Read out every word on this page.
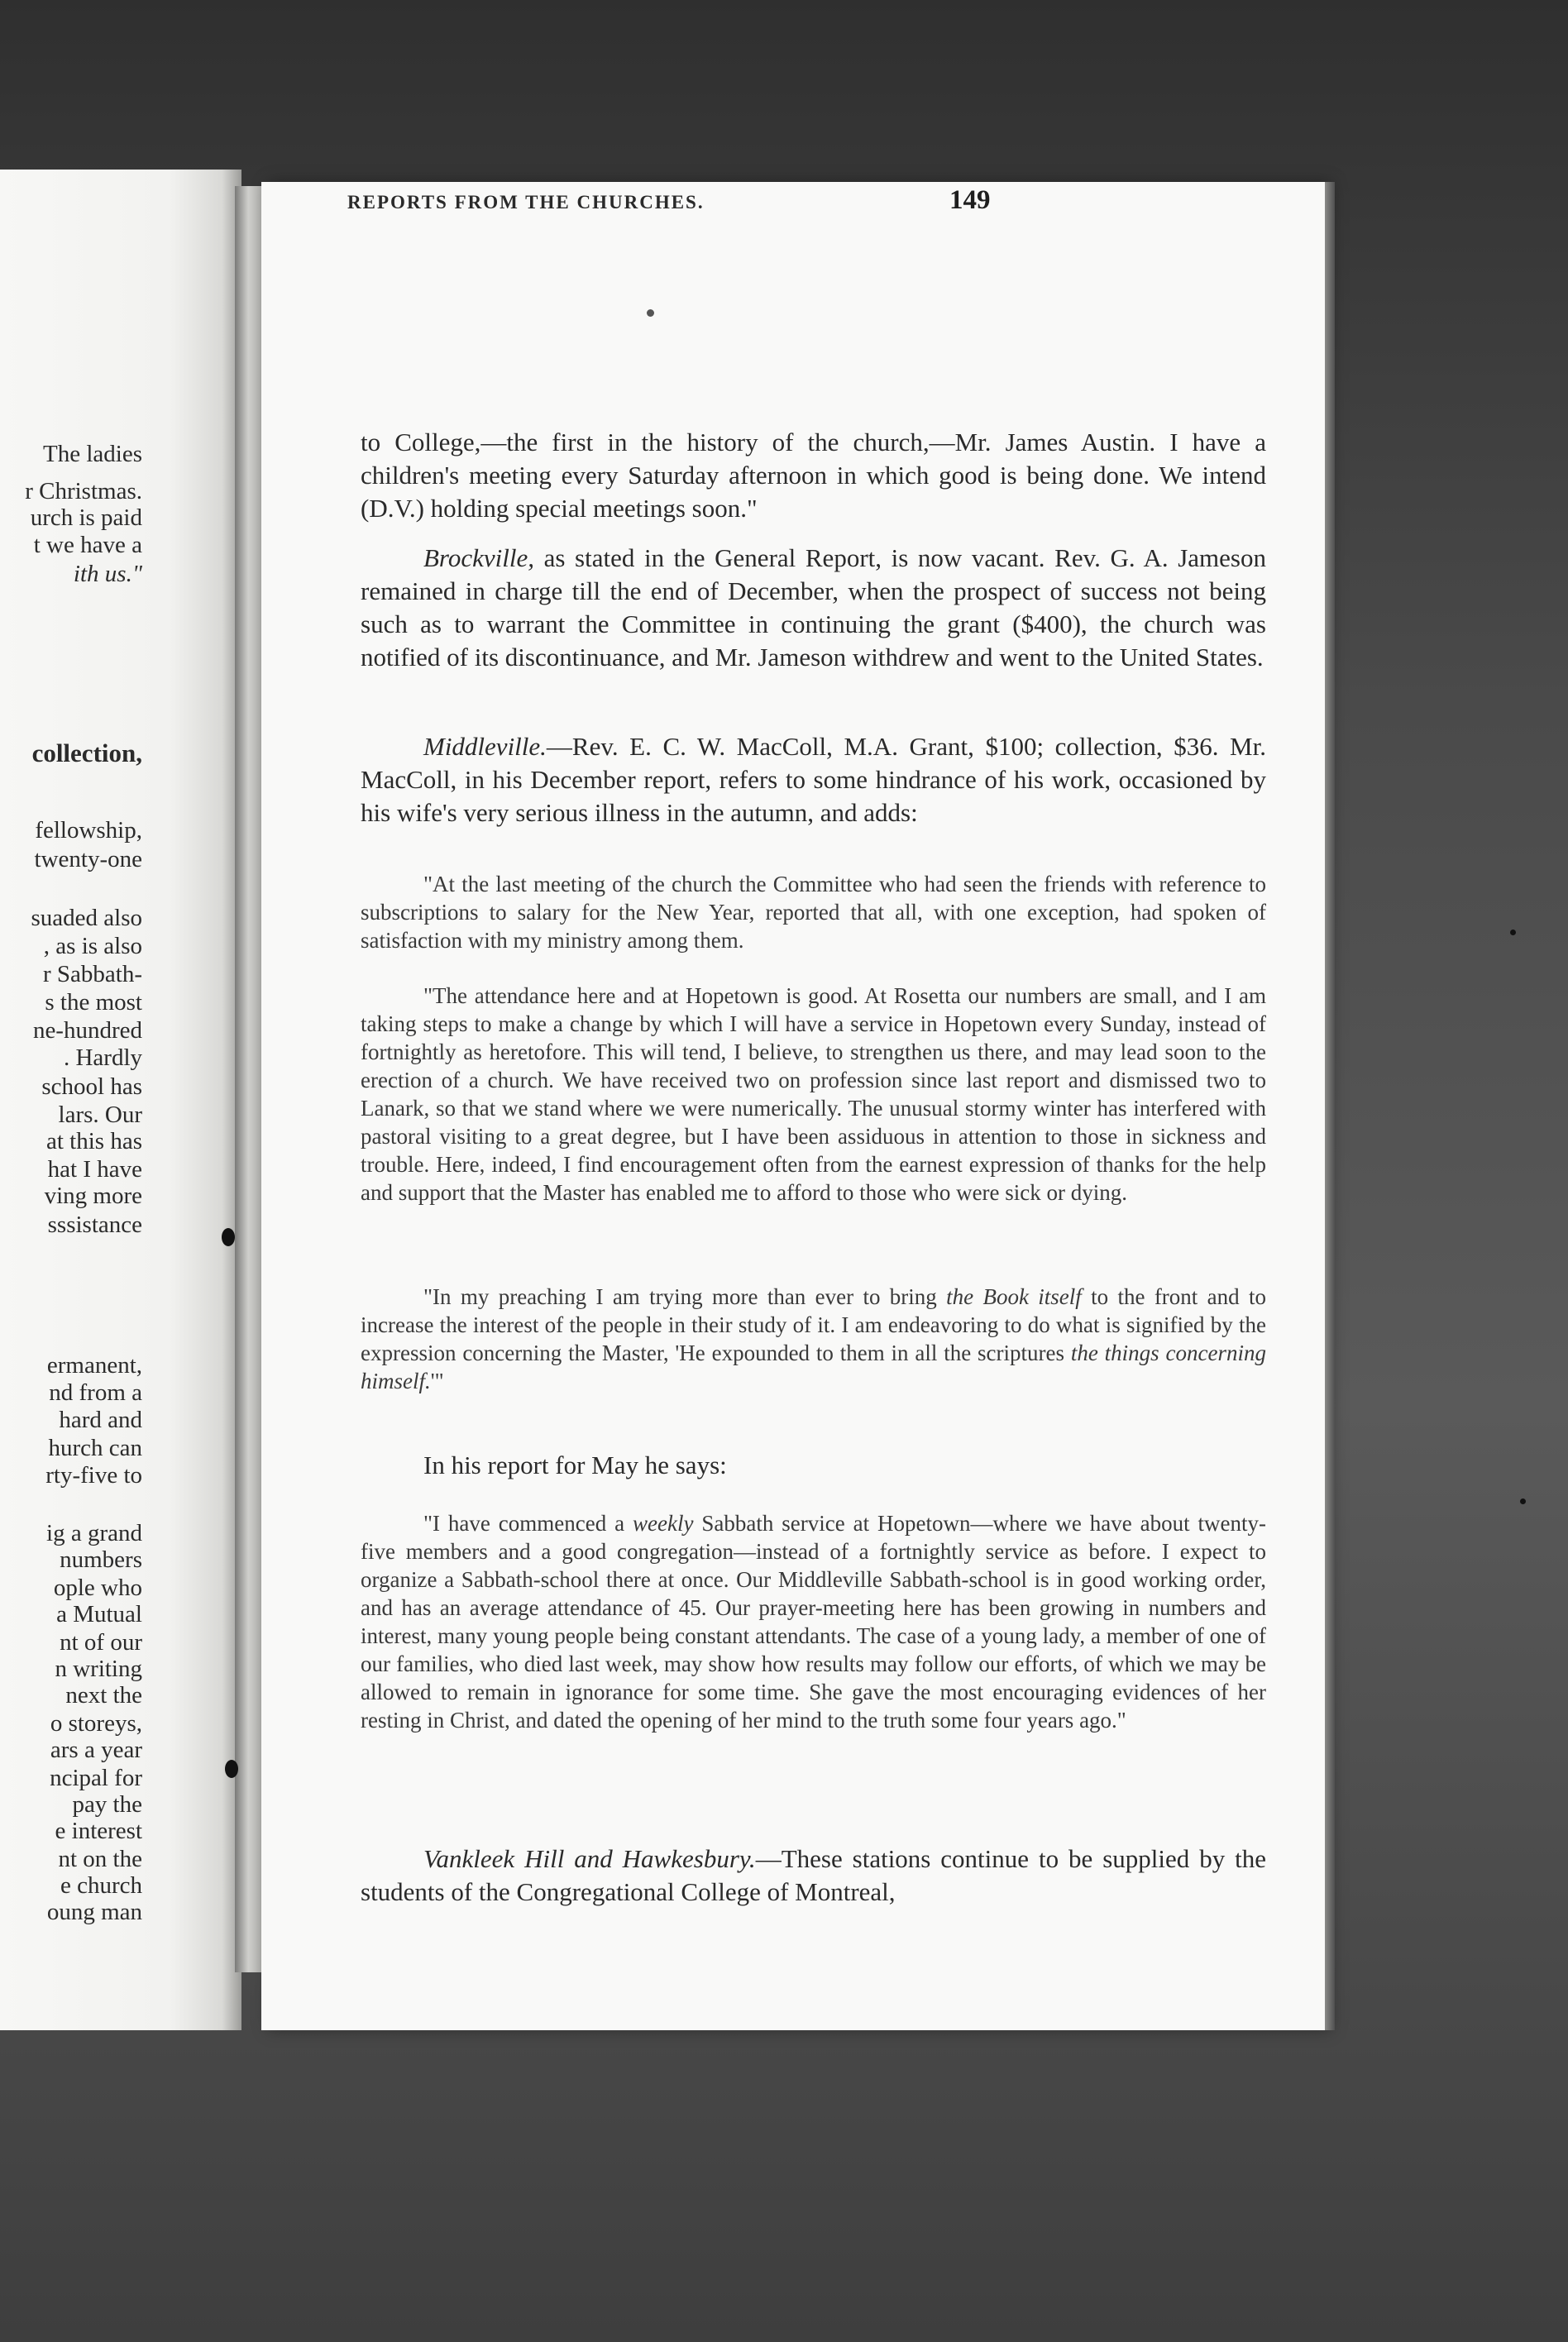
The ladies
r Christmas.
urch is paid
t we have a
ith us."
collection,
fellowship,
twenty-one
suaded also
, as is also
r Sabbath-
s the most
ne-hundred
. Hardly
school has
lars. Our
at this has
hat I have
ving more
sssistance
ermanent,
nd from a
hard and
hurch can
rty-five to
ig a grand
numbers
ople who
a Mutual
nt of our
n writing
next the
o storeys,
ars a year
ncipal for
pay the
e interest
nt on the
e church
oung man
REPORTS FROM THE CHURCHES.	149

to College,—the first in the history of the church,—Mr. James Austin. I have a children's meeting every Saturday afternoon in which good is being done. We intend (D.V.) holding special meetings soon."

Brockville, as stated in the General Report, is now vacant. Rev. G. A. Jameson remained in charge till the end of December, when the prospect of success not being such as to warrant the Committee in continuing the grant ($400), the church was notified of its discontinuance, and Mr. Jameson withdrew and went to the United States.

Middleville.—Rev. E. C. W. MacColl, M.A. Grant, $100; collection, $36. Mr. MacColl, in his December report, refers to some hindrance of his work, occasioned by his wife's very serious illness in the autumn, and adds:

"At the last meeting of the church the Committee who had seen the friends with reference to subscriptions to salary for the New Year, reported that all, with one exception, had spoken of satisfaction with my ministry among them.

"The attendance here and at Hopetown is good. At Rosetta our numbers are small, and I am taking steps to make a change by which I will have a service in Hopetown every Sunday, instead of fortnightly as heretofore. This will tend, I believe, to strengthen us there, and may lead soon to the erection of a church. We have received two on profession since last report and dismissed two to Lanark, so that we stand where we were numerically. The unusual stormy winter has interfered with pastoral visiting to a great degree, but I have been assiduous in attention to those in sickness and trouble. Here, indeed, I find encouragement often from the earnest expression of thanks for the help and support that the Master has enabled me to afford to those who were sick or dying.

"In my preaching I am trying more than ever to bring the Book itself to the front and to increase the interest of the people in their study of it. I am endeavoring to do what is signified by the expression concerning the Master, 'He expounded to them in all the scriptures the things concerning himself.'"

In his report for May he says:

"I have commenced a weekly Sabbath service at Hopetown—where we have about twenty-five members and a good congregation—instead of a fortnightly service as before. I expect to organize a Sabbath-school there at once. Our Middleville Sabbath-school is in good working order, and has an average attendance of 45. Our prayer-meeting here has been growing in numbers and interest, many young people being constant attendants. The case of a young lady, a member of one of our families, who died last week, may show how results may follow our efforts, of which we may be allowed to remain in ignorance for some time. She gave the most encouraging evidences of her resting in Christ, and dated the opening of her mind to the truth some four years ago."

Vankleek Hill and Hawkesbury.—These stations continue to be supplied by the students of the Congregational College of Montreal,
